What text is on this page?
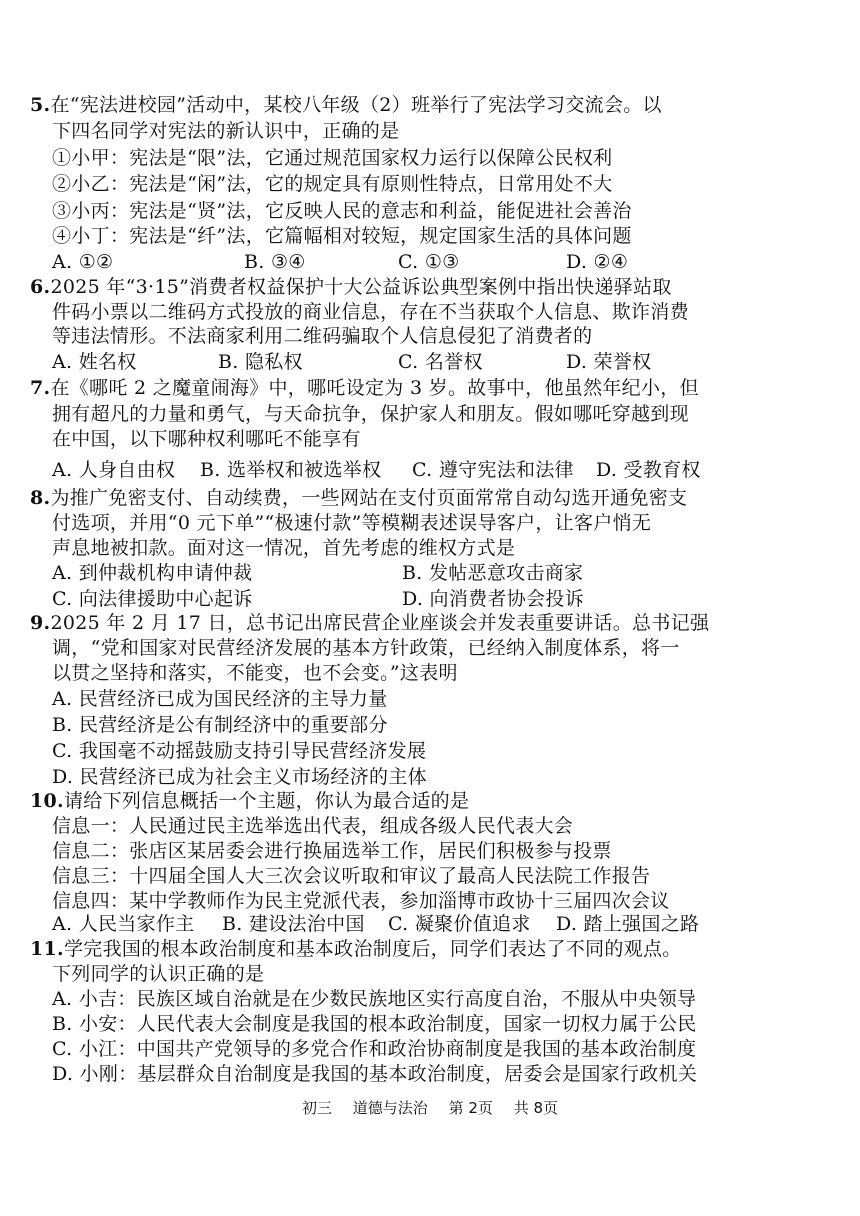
5.在“宪法进校园”活动中，某校八年级（2）班举行了宪法学习交流会。以
下四名同学对宪法的新认识中，正确的是
①小甲：宪法是“限”法，它通过规范国家权力运行以保障公民权利
②小乙：宪法是“闲”法，它的规定具有原则性特点，日常用处不大
③小丙：宪法是“贤”法，它反映人民的意志和利益，能促进社会善治
④小丁：宪法是“纤”法，它篇幅相对较短，规定国家生活的具体问题
A. ①②	B. ③④	C. ①③	D. ②④
6.2025 年“3·15”消费者权益保护十大公益诉讼典型案例中指出快递驿站取
件码小票以二维码方式投放的商业信息，存在不当获取个人信息、欺诈消费
等违法情形。不法商家利用二维码骗取个人信息侵犯了消费者的
A. 姓名权	B. 隐私权	C. 名誉权	D. 荣誉权
7.在《哪吒 2 之魔童闹海》中，哪吒设定为 3 岁。故事中，他虽然年纪小，但
拥有超凡的力量和勇气，与天命抗争，保护家人和朋友。假如哪吒穿越到现
在中国，以下哪种权利哪吒不能享有
A. 人身自由权 B. 选举权和被选举权 C. 遵守宪法和法律 D. 受教育权
8.为推广免密支付、自动续费，一些网站在支付页面常常自动勾选开通免密支
付选项，并用“0 元下单”“极速付款”等模糊表述误导客户，让客户悄无
声息地被扣款。面对这一情况，首先考虑的维权方式是
A. 到仲裁机构申请仲裁	B. 发帖恶意攻击商家
C. 向法律援助中心起诉	D. 向消费者协会投诉
9.2025 年 2 月 17 日，总书记出席民营企业座谈会并发表重要讲话。总书记强
调，“党和国家对民营经济发展的基本方针政策，已经纳入制度体系，将一
以贯之坚持和落实，不能变，也不会变。”这表明
A. 民营经济已成为国民经济的主导力量
B. 民营经济是公有制经济中的重要部分
C. 我国毫不动摇鼓励支持引导民营经济发展
D. 民营经济已成为社会主义市场经济的主体
10.请给下列信息概括一个主题，你认为最合适的是
信息一：人民通过民主选举选出代表，组成各级人民代表大会
信息二：张店区某居委会进行换届选举工作，居民们积极参与投票
信息三：十四届全国人大三次会议听取和审议了最高人民法院工作报告
信息四：某中学教师作为民主党派代表，参加淄博市政协十三届四次会议
A. 人民当家作主 B. 建设法治中国 C. 凝聚价值追求 D. 踏上强国之路
11.学完我国的根本政治制度和基本政治制度后，同学们表达了不同的观点。
下列同学的认识正确的是
A. 小吉：民族区域自治就是在少数民族地区实行高度自治，不服从中央领导
B. 小安：人民代表大会制度是我国的根本政治制度，国家一切权力属于公民
C. 小江：中国共产党领导的多党合作和政治协商制度是我国的基本政治制度
D. 小刚：基层群众自治制度是我国的基本政治制度，居委会是国家行政机关
初三 道德与法治 第 2页 共 8页
